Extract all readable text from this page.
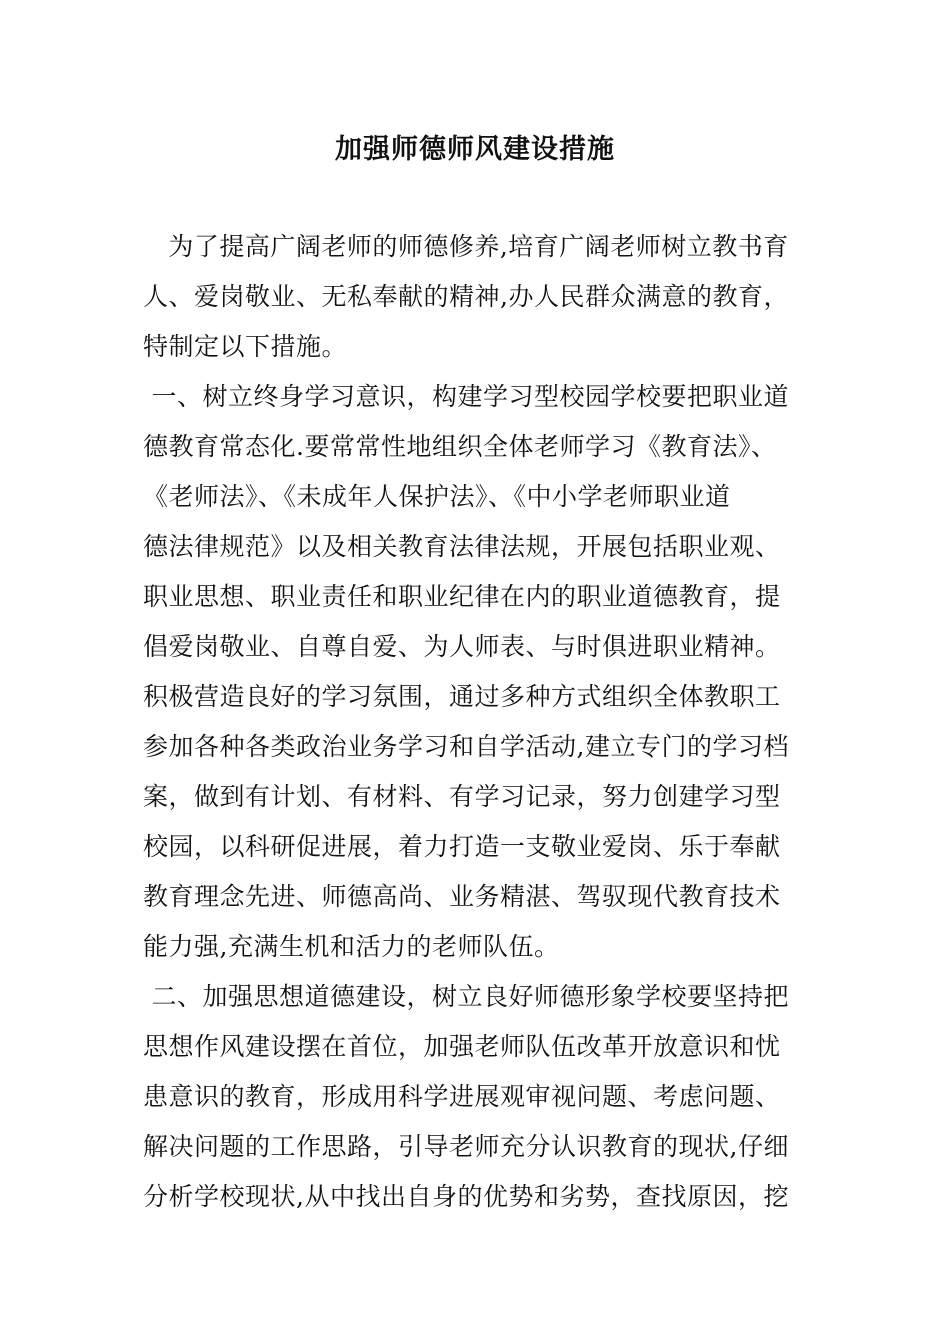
加强师德师风建设措施
为了提高广阔老师的师德修养,培育广阔老师树立教书育
人、爱岗敬业、无私奉献的精神,办人民群众满意的教育，
特制定以下措施。
一、树立终身学习意识，构建学习型校园学校要把职业道
德教育常态化.要常常性地组织全体老师学习《教育法》、
《老师法》、《未成年人保护法》、《中小学老师职业道
德法律规范》以及相关教育法律法规，开展包括职业观、
职业思想、职业责任和职业纪律在内的职业道德教育，提
倡爱岗敬业、自尊自爱、为人师表、与时俱进职业精神。
积极营造良好的学习氛围，通过多种方式组织全体教职工
参加各种各类政治业务学习和自学活动,建立专门的学习档
案，做到有计划、有材料、有学习记录，努力创建学习型
校园，以科研促进展，着力打造一支敬业爱岗、乐于奉献
教育理念先进、师德高尚、业务精湛、驾驭现代教育技术
能力强,充满生机和活力的老师队伍。
二、加强思想道德建设，树立良好师德形象学校要坚持把
思想作风建设摆在首位，加强老师队伍改革开放意识和忧
患意识的教育，形成用科学进展观审视问题、考虑问题、
解决问题的工作思路，引导老师充分认识教育的现状,仔细
分析学校现状,从中找出自身的优势和劣势，查找原因，挖
